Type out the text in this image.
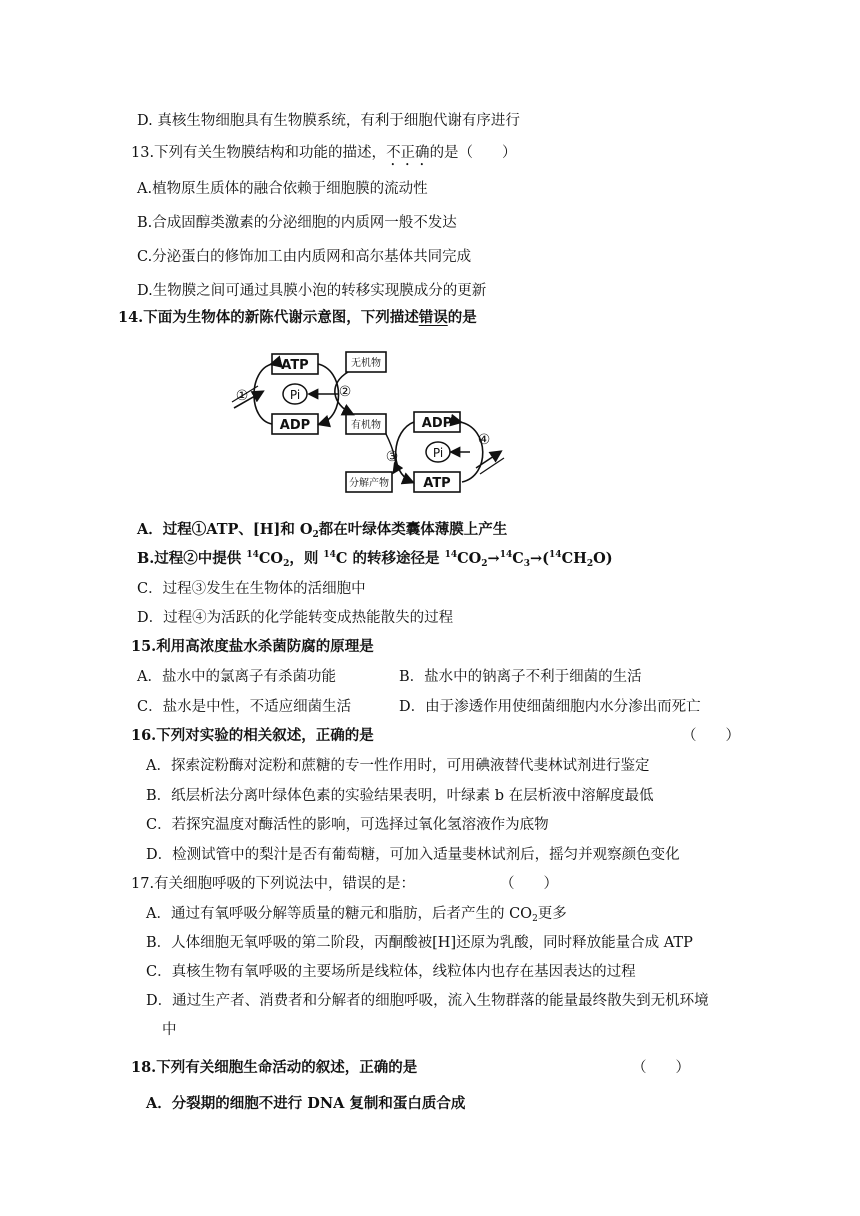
D. 真核生物细胞具有生物膜系统，有利于细胞代谢有序进行
13.下列有关生物膜结构和功能的描述，不正确的是（　　）
A.植物原生质体的融合依赖于细胞膜的流动性
B.合成固醇类激素的分泌细胞的内质网一般不发达
C.分泌蛋白的修饰加工由内质网和高尔基体共同完成
D.生物膜之间可通过具膜小泡的转移实现膜成分的更新
14.下面为生物体的新陈代谢示意图，下列描述错误的是
ATP
ADP
Pi
①
无机物
有机物
②
ADP
ATP
Pi
分解产物
③
④
A．过程①ATP、[H]和 $O_2$都在叶绿体类囊体薄膜上产生
B.过程②中提供 $^{14}CO_2$，则 $^{14}$C 的转移途径是 $^{14}CO_2\to^{14}C_3\to(^{14}CH_2O)$
C．过程③发生在生物体的活细胞中
D．过程④为活跃的化学能转变成热能散失的过程
15.利用高浓度盐水杀菌防腐的原理是
A．盐水中的氯离子有杀菌功能	B．盐水中的钠离子不利于细菌的生活
C．盐水是中性，不适应细菌生活	D．由于渗透作用使细菌细胞内水分渗出而死亡
16.下列对实验的相关叙述，正确的是	（　　）
A．探索淀粉酶对淀粉和蔗糖的专一性作用时，可用碘液替代斐林试剂进行鉴定
B．纸层析法分离叶绿体色素的实验结果表明，叶绿素 b 在层析液中溶解度最低
C．若探究温度对酶活性的影响，可选择过氧化氢溶液作为底物
D．检测试管中的梨汁是否有葡萄糖，可加入适量斐林试剂后，摇匀并观察颜色变化
17.有关细胞呼吸的下列说法中，错误的是：	（　　）
A．通过有氧呼吸分解等质量的糖元和脂肪，后者产生的 $CO_2$更多
B．人体细胞无氧呼吸的第二阶段，丙酮酸被[H]还原为乳酸，同时释放能量合成 ATP
C．真核生物有氧呼吸的主要场所是线粒体，线粒体内也存在基因表达的过程
D．通过生产者、消费者和分解者的细胞呼吸，流入生物群落的能量最终散失到无机环境
中
18.下列有关细胞生命活动的叙述，正确的是	（　　）
A．分裂期的细胞不进行 DNA 复制和蛋白质合成
